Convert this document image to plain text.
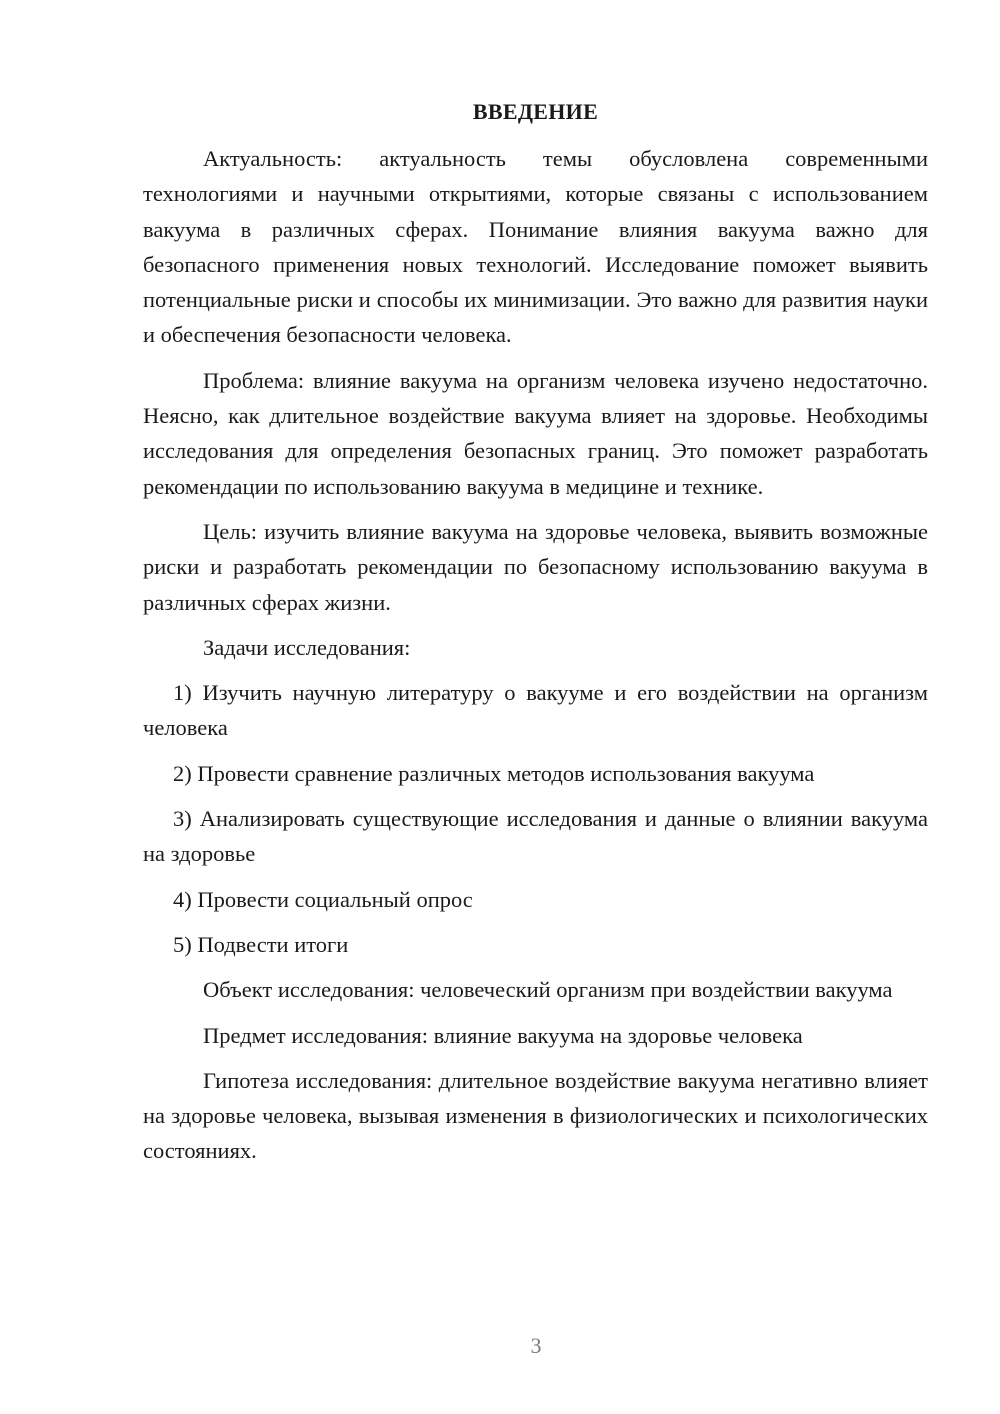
ВВЕДЕНИЕ

Актуальность: актуальность темы обусловлена современными технологиями и научными открытиями, которые связаны с использованием вакуума в различных сферах. Понимание влияния вакуума важно для безопасного применения новых технологий. Исследование поможет выявить потенциальные риски и способы их минимизации. Это важно для развития науки и обеспечения безопасности человека.

Проблема: влияние вакуума на организм человека изучено недостаточно. Неясно, как длительное воздействие вакуума влияет на здоровье. Необходимы исследования для определения безопасных границ. Это поможет разработать рекомендации по использованию вакуума в медицине и технике.

Цель: изучить влияние вакуума на здоровье человека, выявить возможные риски и разработать рекомендации по безопасному использованию вакуума в различных сферах жизни.

Задачи исследования:

1) Изучить научную литературу о вакууме и его воздействии на организм человека

2) Провести сравнение различных методов использования вакуума

3) Анализировать существующие исследования и данные о влиянии вакуума на здоровье

4) Провести социальный опрос

5) Подвести итоги

Объект исследования: человеческий организм при воздействии вакуума

Предмет исследования: влияние вакуума на здоровье человека

Гипотеза исследования: длительное воздействие вакуума негативно влияет на здоровье человека, вызывая изменения в физиологических и психологических состояниях.

3
